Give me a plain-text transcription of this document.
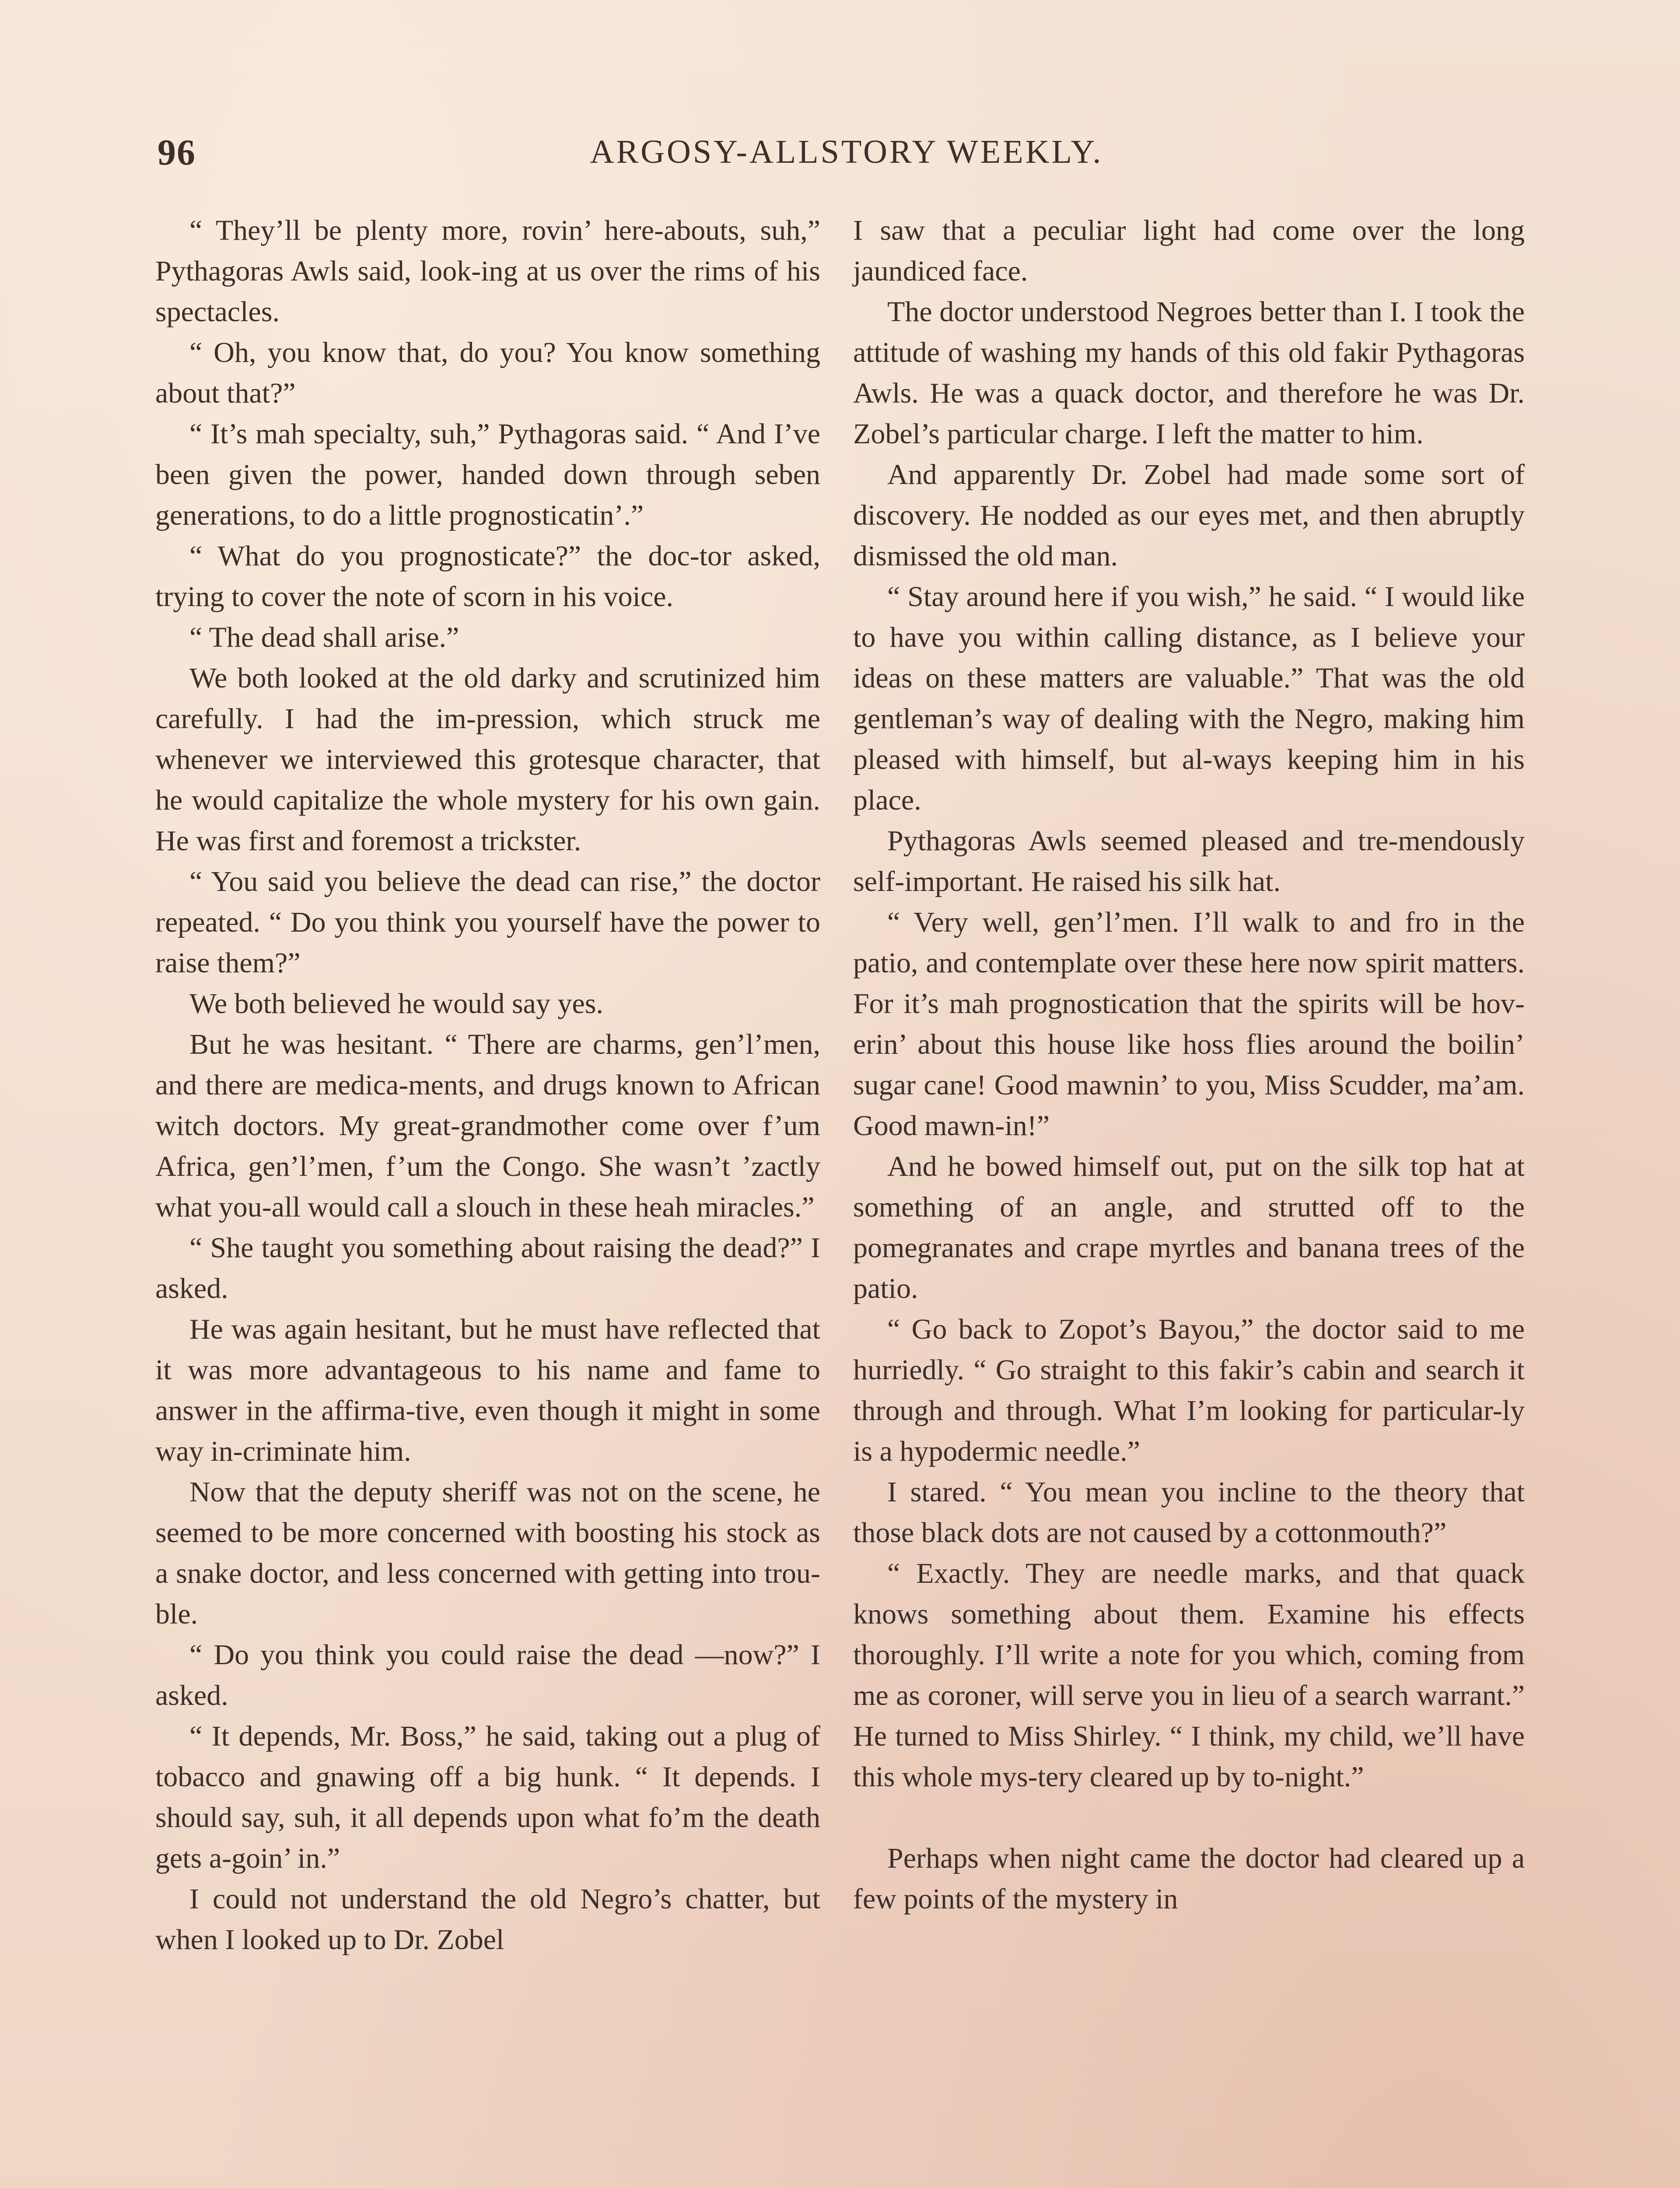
96	ARGOSY-ALLSTORY WEEKLY.

“ They’ll be plenty more, rovin’ here-abouts, suh,” Pythagoras Awls said, look-ing at us over the rims of his spectacles.

“ Oh, you know that, do you? You know something about that?”

“ It’s mah specialty, suh,” Pythagoras said. “ And I’ve been given the power, handed down through seben generations, to do a little prognosticatin’.”

“ What do you prognosticate?” the doc-tor asked, trying to cover the note of scorn in his voice.

“ The dead shall arise.”

We both looked at the old darky and scrutinized him carefully. I had the im-pression, which struck me whenever we interviewed this grotesque character, that he would capitalize the whole mystery for his own gain. He was first and foremost a trickster.

“ You said you believe the dead can rise,” the doctor repeated. “ Do you think you yourself have the power to raise them?”

We both believed he would say yes.

But he was hesitant. “ There are charms, gen’l’men, and there are medica-ments, and drugs known to African witch doctors. My great-grandmother come over f’um Africa, gen’l’men, f’um the Congo. She wasn’t ’zactly what you-all would call a slouch in these heah miracles.”

“ She taught you something about raising the dead?” I asked.

He was again hesitant, but he must have reflected that it was more advantageous to his name and fame to answer in the affirma-tive, even though it might in some way in-criminate him.

Now that the deputy sheriff was not on the scene, he seemed to be more concerned with boosting his stock as a snake doctor, and less concerned with getting into trou-ble.

“ Do you think you could raise the dead —now?” I asked.

“ It depends, Mr. Boss,” he said, taking out a plug of tobacco and gnawing off a big hunk. “ It depends. I should say, suh, it all depends upon what fo’m the death gets a-goin’ in.”

I could not understand the old Negro’s chatter, but when I looked up to Dr. Zobel

I saw that a peculiar light had come over the long jaundiced face.

The doctor understood Negroes better than I. I took the attitude of washing my hands of this old fakir Pythagoras Awls. He was a quack doctor, and therefore he was Dr. Zobel’s particular charge. I left the matter to him.

And apparently Dr. Zobel had made some sort of discovery. He nodded as our eyes met, and then abruptly dismissed the old man.

“ Stay around here if you wish,” he said. “ I would like to have you within calling distance, as I believe your ideas on these matters are valuable.” That was the old gentleman’s way of dealing with the Negro, making him pleased with himself, but al-ways keeping him in his place.

Pythagoras Awls seemed pleased and tre-mendously self-important. He raised his silk hat.

“ Very well, gen’l’men. I’ll walk to and fro in the patio, and contemplate over these here now spirit matters. For it’s mah prognostication that the spirits will be hov-erin’ about this house like hoss flies around the boilin’ sugar cane! Good mawnin’ to you, Miss Scudder, ma’am. Good mawn-in!”

And he bowed himself out, put on the silk top hat at something of an angle, and strutted off to the pomegranates and crape myrtles and banana trees of the patio.

“ Go back to Zopot’s Bayou,” the doctor said to me hurriedly. “ Go straight to this fakir’s cabin and search it through and through. What I’m looking for particular-ly is a hypodermic needle.”

I stared. “ You mean you incline to the theory that those black dots are not caused by a cottonmouth?”

“ Exactly. They are needle marks, and that quack knows something about them. Examine his effects thoroughly. I’ll write a note for you which, coming from me as coroner, will serve you in lieu of a search warrant.” He turned to Miss Shirley. “ I think, my child, we’ll have this whole mys-tery cleared up by to-night.”

Perhaps when night came the doctor had cleared up a few points of the mystery in
